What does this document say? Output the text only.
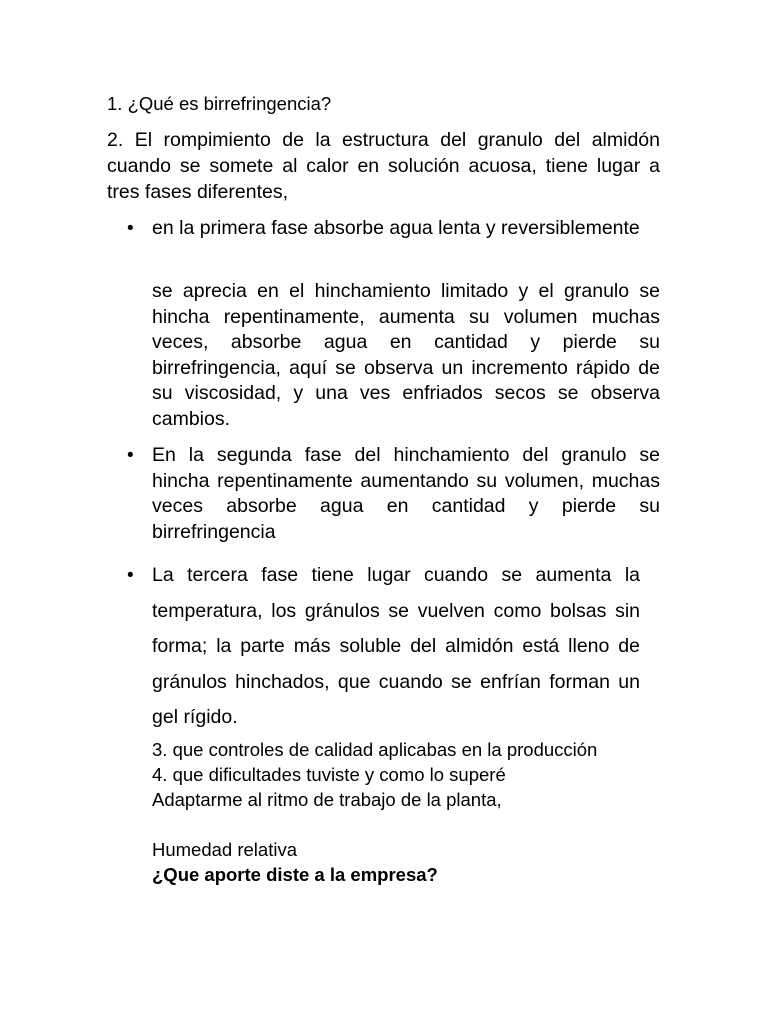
1. ¿Qué es birrefringencia?
2. El rompimiento de la estructura del granulo del almidón cuando se somete al calor en solución acuosa, tiene lugar a tres fases diferentes,
• en la primera fase absorbe agua lenta y reversiblemente
se aprecia en el hinchamiento limitado y el granulo se hincha repentinamente, aumenta su volumen muchas veces, absorbe agua en cantidad y pierde su birrefringencia, aquí se observa un incremento rápido de su viscosidad, y una ves enfriados secos se observa cambios.
• En la segunda fase del hinchamiento del granulo se hincha repentinamente aumentando su volumen, muchas veces absorbe agua en cantidad y pierde su birrefringencia
• La tercera fase tiene lugar cuando se aumenta la temperatura, los gránulos se vuelven como bolsas sin forma; la parte más soluble del almidón está lleno de gránulos hinchados, que cuando se enfrían forman un gel rígido.
3. que controles de calidad aplicabas en la producción
4. que dificultades tuviste y como lo superé
Adaptarme al ritmo de trabajo de la planta,
Humedad relativa
¿Que aporte diste a la empresa?
